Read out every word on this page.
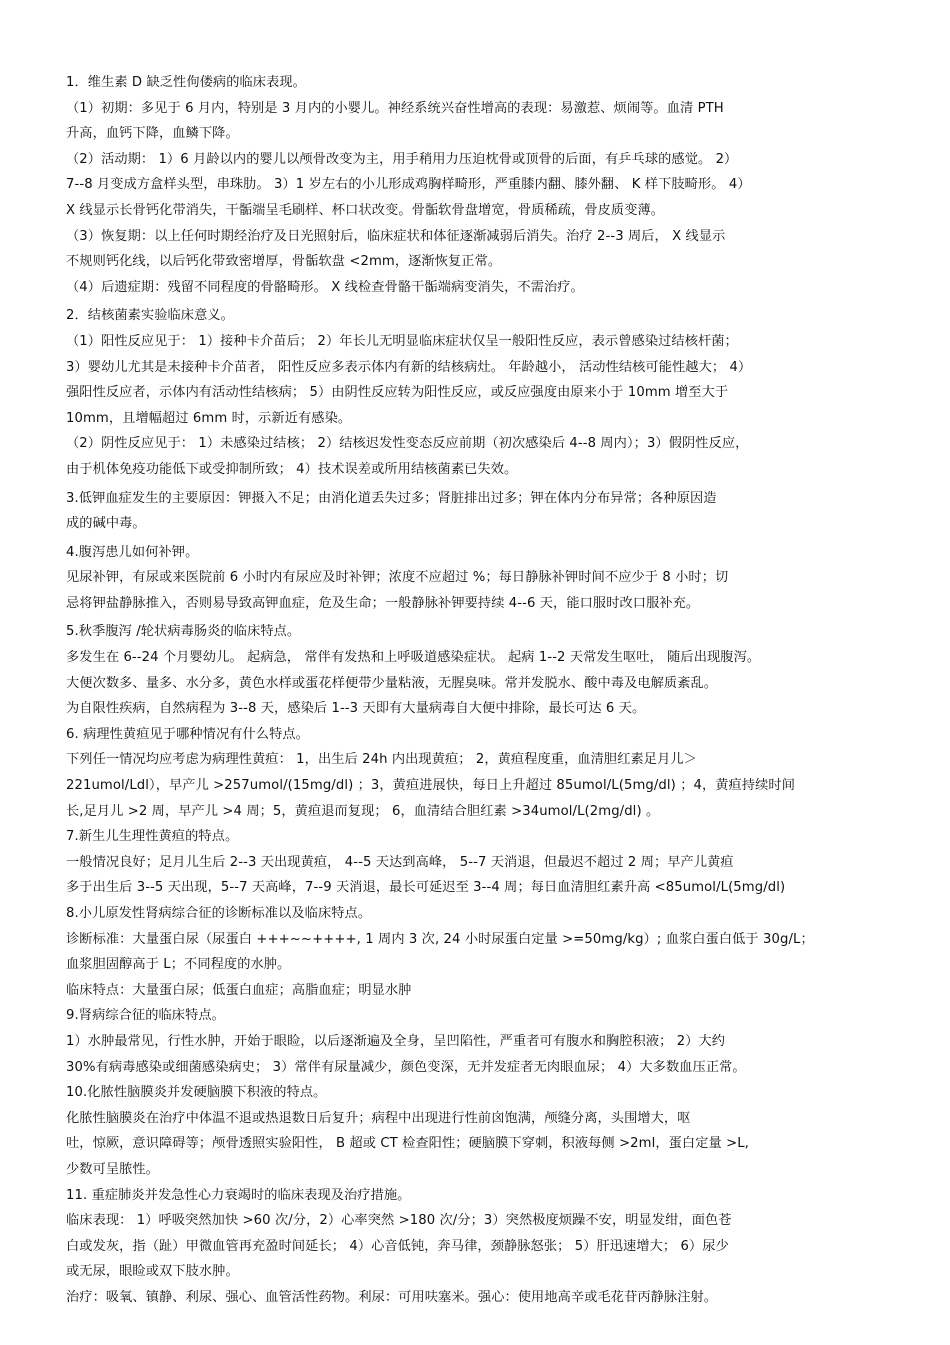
1．维生素 D 缺乏性佝偻病的临床表现。
（1）初期：多见于 6 月内，特别是 3 月内的小婴儿。神经系统兴奋性增高的表现：易激惹、烦闹等。血清 PTH
升高，血钙下降，血鳞下降。
（2）活动期： 1）6 月龄以内的婴儿以颅骨改变为主，用手稍用力压迫枕骨或顶骨的后面，有乒乓球的感觉。 2）
7--8 月变成方盒样头型，串珠肋。 3）1 岁左右的小儿形成鸡胸样畸形，严重膝内翻、膝外翻、 K 样下肢畸形。 4）
X 线显示长骨钙化带消失，干骺端呈毛刷样、杯口状改变。骨骺软骨盘增宽，骨质稀疏，骨皮质变薄。
（3）恢复期：以上任何时期经治疗及日光照射后，临床症状和体征逐渐减弱后消失。治疗 2--3 周后， X 线显示
不规则钙化线，以后钙化带致密增厚，骨骺软盘 <2mm，逐渐恢复正常。
（4）后遗症期：残留不同程度的骨骼畸形。 X 线检查骨骼干骺端病变消失，不需治疗。
2．结核菌素实验临床意义。
（1）阳性反应见于： 1）接种卡介苗后； 2）年长儿无明显临床症状仅呈一般阳性反应，表示曾感染过结核杆菌；
3）婴幼儿尤其是未接种卡介苗者， 阳性反应多表示体内有新的结核病灶。 年龄越小， 活动性结核可能性越大； 4）
强阳性反应者，示体内有活动性结核病； 5）由阴性反应转为阳性反应，或反应强度由原来小于 10mm 增至大于
10mm，且增幅超过 6mm 时，示新近有感染。
（2）阴性反应见于： 1）未感染过结核； 2）结核迟发性变态反应前期（初次感染后 4--8 周内）；3）假阴性反应，
由于机体免疫功能低下或受抑制所致； 4）技术误差或所用结核菌素已失效。
3.低钾血症发生的主要原因：钾摄入不足；由消化道丢失过多；肾脏排出过多；钾在体内分布异常；各种原因造
成的碱中毒。
4.腹泻患儿如何补钾。
见尿补钾，有尿或来医院前 6 小时内有尿应及时补钾；浓度不应超过 %；每日静脉补钾时间不应少于 8 小时；切
忌将钾盐静脉推入，否则易导致高钾血症，危及生命；一般静脉补钾要持续 4--6 天，能口服时改口服补充。
5.秋季腹泻 /轮状病毒肠炎的临床特点。
多发生在 6--24 个月婴幼儿。 起病急， 常伴有发热和上呼吸道感染症状。 起病 1--2 天常发生呕吐， 随后出现腹泻。
大便次数多、量多、水分多，黄色水样或蛋花样便带少量粘液，无腥臭味。常并发脱水、酸中毒及电解质紊乱。
为自限性疾病，自然病程为 3--8 天，感染后 1--3 天即有大量病毒自大便中排除，最长可达 6 天。
6. 病理性黄疸见于哪种情况有什么特点。
下列任一情况均应考虑为病理性黄疸： 1，出生后 24h 内出现黄疸； 2，黄疸程度重，血清胆红素足月儿＞
221umol/Ldl），早产儿 >257umol/(15mg/dl) ；3，黄疸进展快，每日上升超过 85umol/L(5mg/dl) ；4，黄疸持续时间
长,足月儿 >2 周，早产儿 >4 周；5，黄疸退而复现； 6，血清结合胆红素 >34umol/L(2mg/dl) 。
7.新生儿生理性黄疸的特点。
一般情况良好；足月儿生后 2--3 天出现黄疸， 4--5 天达到高峰， 5--7 天消退，但最迟不超过 2 周；早产儿黄疸
多于出生后 3--5 天出现，5--7 天高峰，7--9 天消退，最长可延迟至 3--4 周；每日血清胆红素升高 <85umol/L(5mg/dl)
8.小儿原发性肾病综合征的诊断标准以及临床特点。
诊断标准：大量蛋白尿（尿蛋白 +++~~++++, 1 周内 3 次, 24 小时尿蛋白定量 >=50mg/kg）; 血浆白蛋白低于 30g/L；
血浆胆固醇高于 L；不同程度的水肿。
临床特点：大量蛋白尿；低蛋白血症；高脂血症；明显水肿
9.肾病综合征的临床特点。
1）水肿最常见，行性水肿，开始于眼睑，以后逐渐遍及全身，呈凹陷性，严重者可有腹水和胸腔积液； 2）大约
30%有病毒感染或细菌感染病史； 3）常伴有尿量减少，颜色变深，无并发症者无肉眼血尿； 4）大多数血压正常。
10.化脓性脑膜炎并发硬脑膜下积液的特点。
化脓性脑膜炎在治疗中体温不退或热退数日后复升；病程中出现进行性前囟饱满，颅缝分离，头围增大，呕
吐，惊厥，意识障碍等；颅骨透照实验阳性， B 超或 CT 检查阳性；硬脑膜下穿刺，积液每侧 >2ml，蛋白定量 >L,
少数可呈脓性。
11. 重症肺炎并发急性心力衰竭时的临床表现及治疗措施。
临床表现： 1）呼吸突然加快 >60 次/分，2）心率突然 >180 次/分；3）突然极度烦躁不安，明显发绀，面色苍
白或发灰，指（趾）甲微血管再充盈时间延长； 4）心音低钝，奔马律，颈静脉怒张； 5）肝迅速增大； 6）尿少
或无尿，眼睑或双下肢水肿。
治疗：吸氧、镇静、利尿、强心、血管活性药物。利尿：可用呋塞米。强心：使用地高辛或毛花苷丙静脉注射。
